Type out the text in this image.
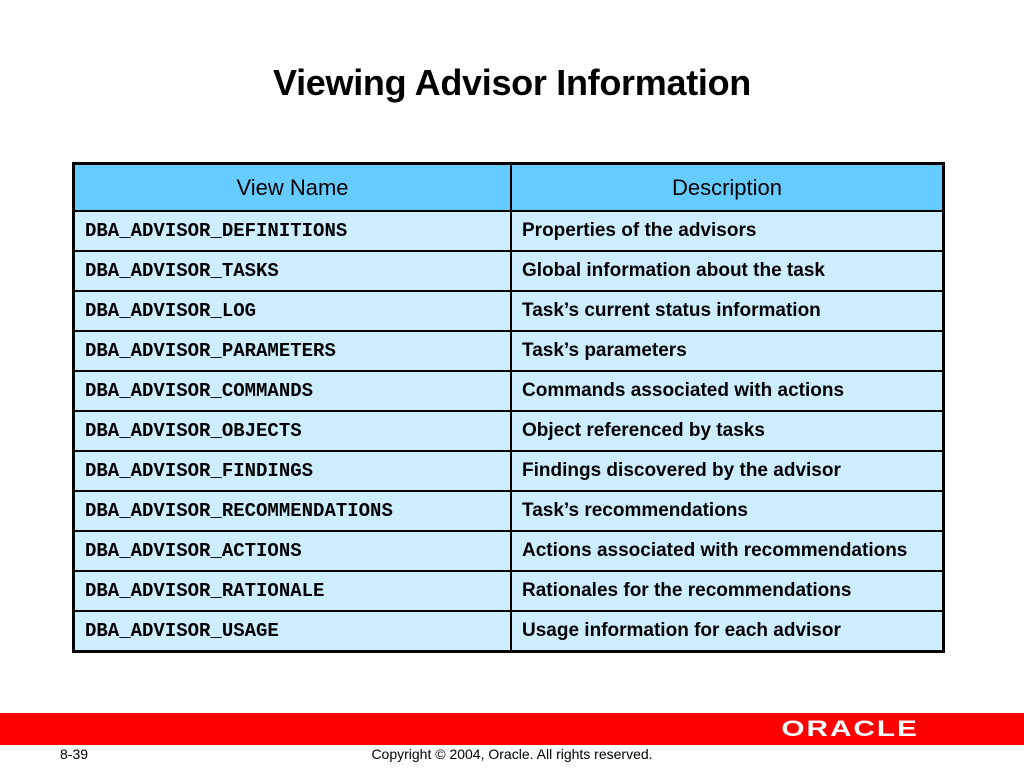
Viewing Advisor Information
View Name	Description
DBA_ADVISOR_DEFINITIONS	Properties of the advisors
DBA_ADVISOR_TASKS	Global information about the task
DBA_ADVISOR_LOG	Task’s current status information
DBA_ADVISOR_PARAMETERS	Task’s parameters
DBA_ADVISOR_COMMANDS	Commands associated with actions
DBA_ADVISOR_OBJECTS	Object referenced by tasks
DBA_ADVISOR_FINDINGS	Findings discovered by the advisor
DBA_ADVISOR_RECOMMENDATIONS	Task’s recommendations
DBA_ADVISOR_ACTIONS	Actions associated with recommendations
DBA_ADVISOR_RATIONALE	Rationales for the recommendations
DBA_ADVISOR_USAGE	Usage information for each advisor
ORACLE
8-39	Copyright © 2004, Oracle. All rights reserved.
